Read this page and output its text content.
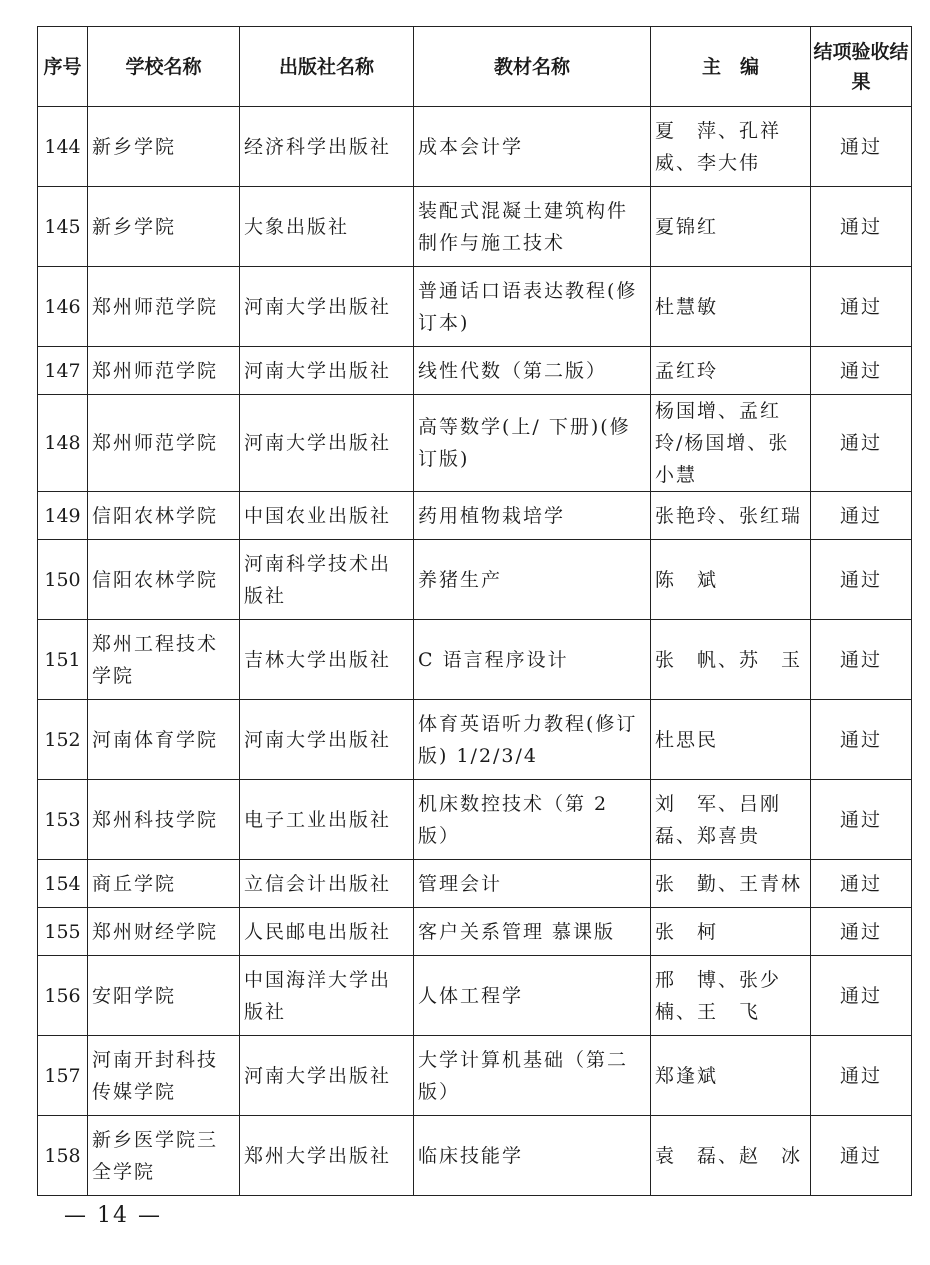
序号	学校名称	出版社名称	教材名称	主　编	结项验收结果
144	新乡学院	经济科学出版社	成本会计学	夏　萍、孔祥威、李大伟	通过
145	新乡学院	大象出版社	装配式混凝土建筑构件制作与施工技术	夏锦红	通过
146	郑州师范学院	河南大学出版社	普通话口语表达教程(修订本)	杜慧敏	通过
147	郑州师范学院	河南大学出版社	线性代数（第二版）	孟红玲	通过
148	郑州师范学院	河南大学出版社	高等数学(上/ 下册)(修订版)	杨国增、孟红玲/杨国增、张小慧	通过
149	信阳农林学院	中国农业出版社	药用植物栽培学	张艳玲、张红瑞	通过
150	信阳农林学院	河南科学技术出版社	养猪生产	陈　斌	通过
151	郑州工程技术学院	吉林大学出版社	C 语言程序设计	张　帆、苏　玉	通过
152	河南体育学院	河南大学出版社	体育英语听力教程(修订版) 1/2/3/4	杜思民	通过
153	郑州科技学院	电子工业出版社	机床数控技术（第 2 版）	刘　军、吕刚磊、郑喜贵	通过
154	商丘学院	立信会计出版社	管理会计	张　勤、王青林	通过
155	郑州财经学院	人民邮电出版社	客户关系管理 慕课版	张　柯	通过
156	安阳学院	中国海洋大学出版社	人体工程学	邢　博、张少楠、王　飞	通过
157	河南开封科技传媒学院	河南大学出版社	大学计算机基础（第二版）	郑逢斌	通过
158	新乡医学院三全学院	郑州大学出版社	临床技能学	袁　磊、赵　冰	通过
— 14 —
